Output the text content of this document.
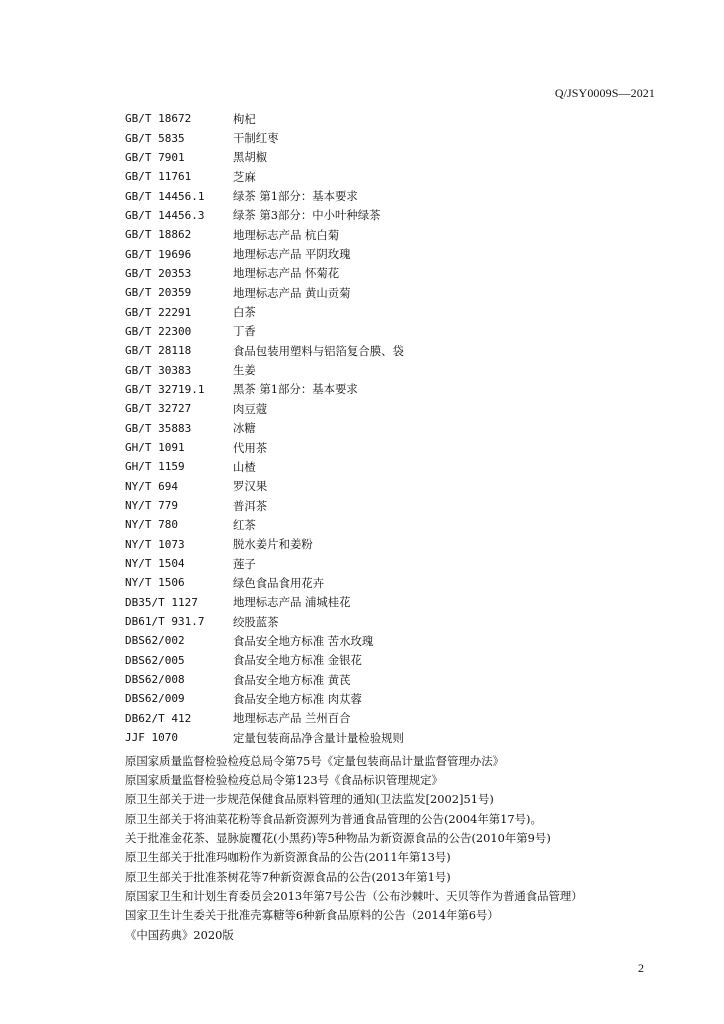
Q/JSY0009S—2021
GB/T 18672	枸杞
GB/T 5835	干制红枣
GB/T 7901	黑胡椒
GB/T 11761	芝麻
GB/T 14456.1	绿茶 第1部分：基本要求
GB/T 14456.3	绿茶 第3部分：中小叶种绿茶
GB/T 18862	地理标志产品 杭白菊
GB/T 19696	地理标志产品 平阴玫瑰
GB/T 20353	地理标志产品 怀菊花
GB/T 20359	地理标志产品 黄山贡菊
GB/T 22291	白茶
GB/T 22300	丁香
GB/T 28118	食品包装用塑料与铝箔复合膜、袋
GB/T 30383	生姜
GB/T 32719.1	黑茶 第1部分：基本要求
GB/T 32727	肉豆蔻
GB/T 35883	冰糖
GH/T 1091	代用茶
GH/T 1159	山楂
NY/T 694	罗汉果
NY/T 779	普洱茶
NY/T 780	红茶
NY/T 1073	脱水姜片和姜粉
NY/T 1504	莲子
NY/T 1506	绿色食品食用花卉
DB35/T 1127	地理标志产品 浦城桂花
DB61/T 931.7	绞股蓝茶
DBS62/002	食品安全地方标准 苦水玫瑰
DBS62/005	食品安全地方标准 金银花
DBS62/008	食品安全地方标准 黄芪
DBS62/009	食品安全地方标准 肉苁蓉
DB62/T 412	地理标志产品 兰州百合
JJF 1070	定量包装商品净含量计量检验规则
原国家质量监督检验检疫总局令第75号《定量包装商品计量监督管理办法》
原国家质量监督检验检疫总局令第123号《食品标识管理规定》
原卫生部关于进一步规范保健食品原料管理的通知(卫法监发[2002]51号)
原卫生部关于将油菜花粉等食品新资源列为普通食品管理的公告(2004年第17号)。
关于批准金花茶、显脉旋覆花(小黑药)等5种物品为新资源食品的公告(2010年第9号)
原卫生部关于批准玛咖粉作为新资源食品的公告(2011年第13号)
原卫生部关于批准茶树花等7种新资源食品的公告(2013年第1号)
原国家卫生和计划生育委员会2013年第7号公告（公布沙棘叶、天贝等作为普通食品管理）
国家卫生计生委关于批准壳寡糖等6种新食品原料的公告（2014年第6号）
《中国药典》2020版
2
